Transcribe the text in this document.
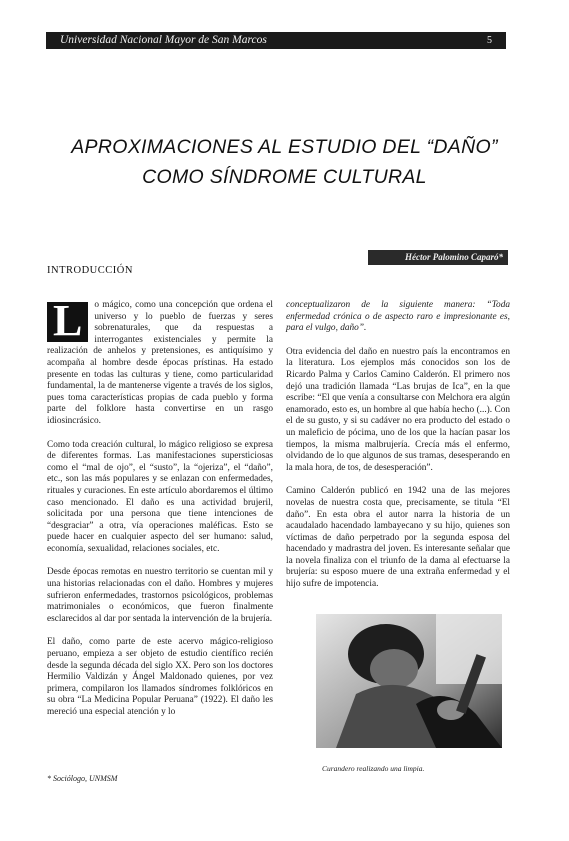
Universidad Nacional Mayor de San Marcos	5
APROXIMACIONES AL ESTUDIO DEL “DAÑO”
COMO SÍNDROME CULTURAL
Héctor Palomino Caparó*
INTRODUCCIÓN

L	o mágico, como una concepción que ordena el universo y lo pueblo de fuerzas y seres sobrenaturales, que da respuestas a interrogantes existenciales y permite la realización de anhelos y pretensiones, es antiquísimo y acompaña al hombre desde épocas prístinas. Ha estado presente en todas las culturas y tiene, como particularidad fundamental, la de mantenerse vigente a través de los siglos, pues toma características propias de cada pueblo y forma parte del folklore hasta convertirse en un rasgo idiosincrásico.

Como toda creación cultural, lo mágico religioso se expresa de diferentes formas. Las manifestaciones supersticiosas como el “mal de ojo”, el “susto”, la “ojeriza”, el “daño”, etc., son las más populares y se enlazan con enfermedades, rituales y curaciones. En este artículo abordaremos el último caso mencionado. El daño es una actividad brujeril, solicitada por una persona que tiene intenciones de “desgraciar” a otra, vía operaciones maléficas. Esto se puede hacer en cualquier aspecto del ser humano: salud, economía, sexualidad, relaciones sociales, etc.

Desde épocas remotas en nuestro territorio se cuentan mil y una historias relacionadas con el daño. Hombres y mujeres sufrieron enfermedades, trastornos psicológicos, problemas matrimoniales o económicos, que fueron finalmente esclarecidos al dar por sentada la intervención de la brujería.

El daño, como parte de este acervo mágico-religioso peruano, empieza a ser objeto de estudio científico recién desde la segunda década del siglo XX. Pero son los doctores Hermilio Valdizán y Ángel Maldonado quienes, por vez primera, compilaron los llamados síndromes folklóricos en su obra “La Medicina Popular Peruana” (1922). El daño les mereció una especial atención y lo

conceptualizaron de la siguiente manera: “Toda enfermedad crónica o de aspecto raro e impresionante es, para el vulgo, daño”.

Otra evidencia del daño en nuestro país la encontramos en la literatura. Los ejemplos más conocidos son los de Ricardo Palma y Carlos Camino Calderón. El primero nos dejó una tradición llamada “Las brujas de Ica”, en la que escribe: “El que venía a consultarse con Melchora era algún enamorado, esto es, un hombre al que había hecho (...). Con el de su gusto, y si su cadáver no era producto del estado o un maleficio de pócima, uno de los que la hacían pasar los tiempos, la misma malbrujería. Crecía más el enfermo, olvidando de lo que algunos de sus tramas, desesperando en la mala hora, de tos, de desesperación”.

Camino Calderón publicó en 1942 una de las mejores novelas de nuestra costa que, precisamente, se titula “El daño”. En esta obra el autor narra la historia de un acaudalado hacendado lambayecano y su hijo, quienes son víctimas de daño perpetrado por la segunda esposa del hacendado y madrastra del joven. Es interesante señalar que la novela finaliza con el triunfo de la dama al efectuarse la brujería: su esposo muere de una extraña enfermedad y el hijo sufre de impotencia.

Curandero realizando una limpia.
* Sociólogo, UNMSM
